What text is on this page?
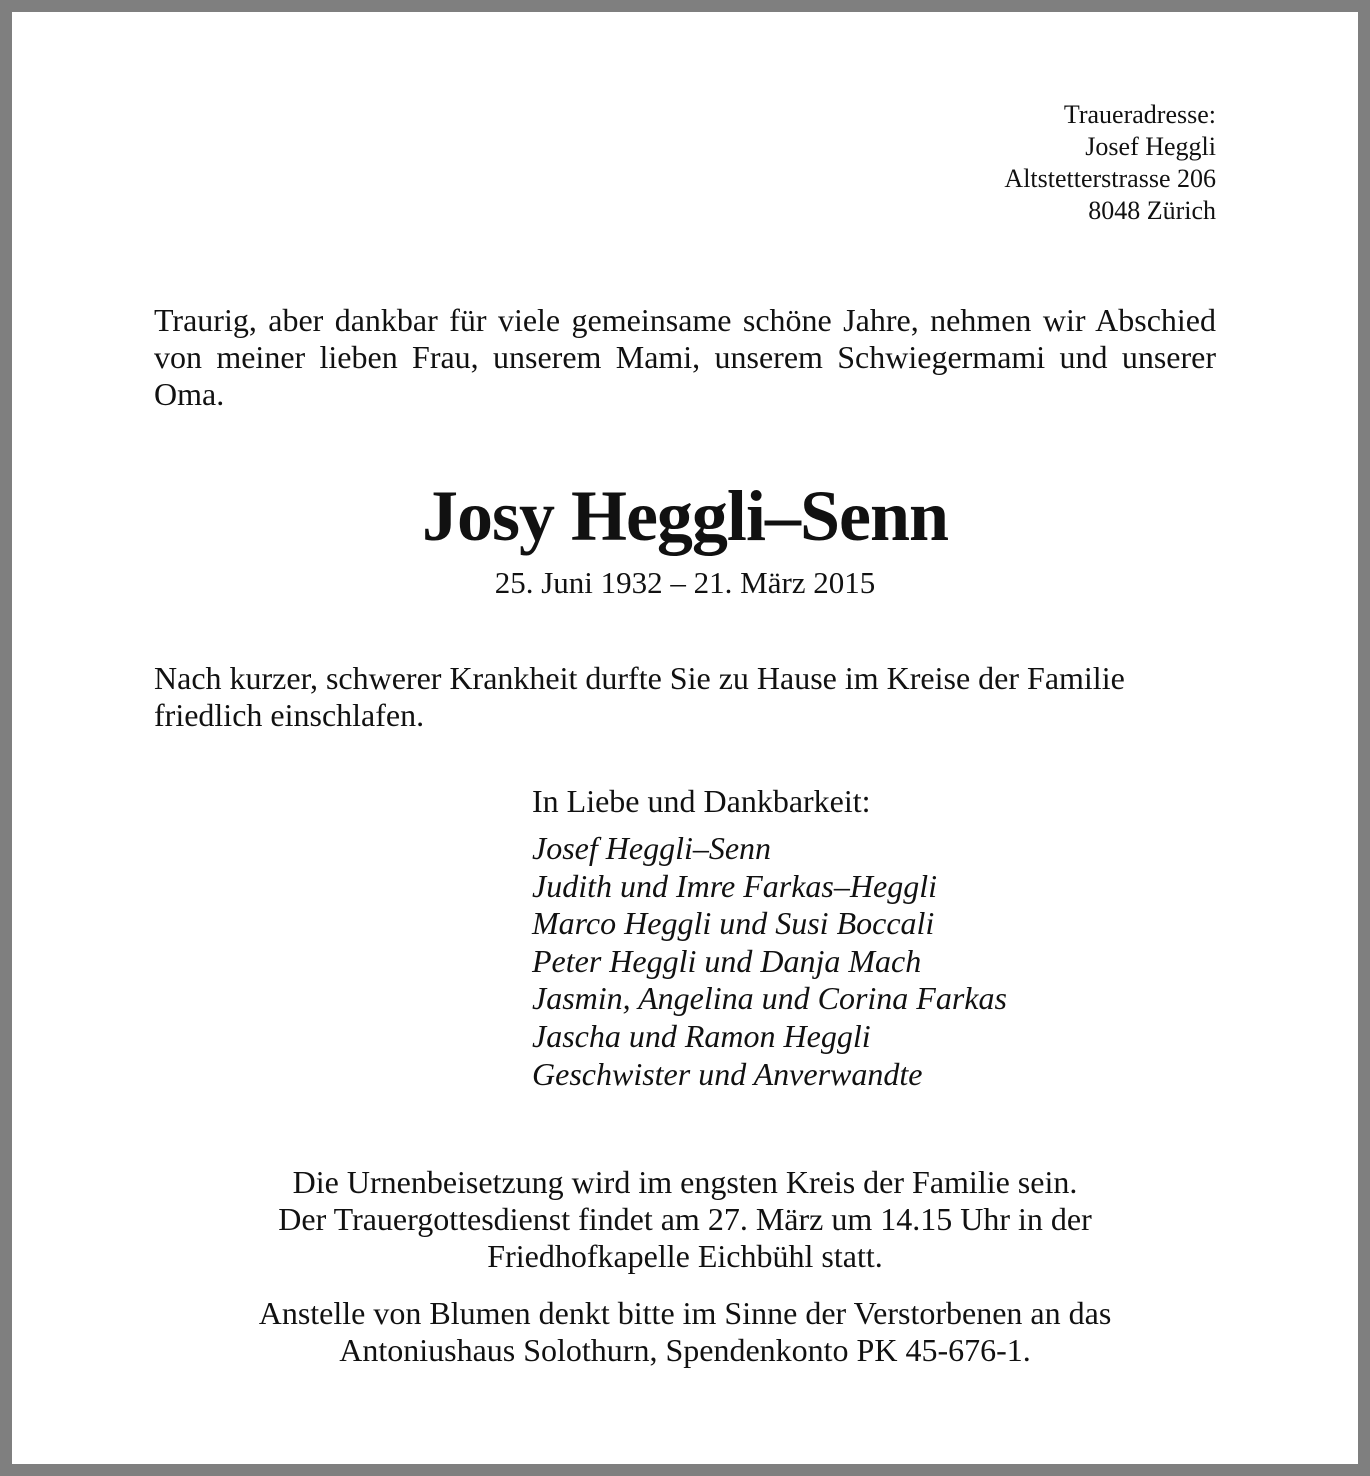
Traueradresse:
Josef Heggli
Altstetterstrasse 206
8048 Zürich
Traurig, aber dankbar für viele gemeinsame schöne Jahre, nehmen wir Abschied von meiner lieben Frau, unserem Mami, unserem Schwiegermami und unserer Oma.
Josy Heggli–Senn
25. Juni 1932 – 21. März 2015
Nach kurzer, schwerer Krankheit durfte Sie zu Hause im Kreise der Familie friedlich einschlafen.
In Liebe und Dankbarkeit:
Josef Heggli–Senn
Judith und Imre Farkas–Heggli
Marco Heggli und Susi Boccali
Peter Heggli und Danja Mach
Jasmin, Angelina und Corina Farkas
Jascha und Ramon Heggli
Geschwister und Anverwandte
Die Urnenbeisetzung wird im engsten Kreis der Familie sein.
Der Trauergottesdienst findet am 27. März um 14.15 Uhr in der
Friedhofkapelle Eichbühl statt.
Anstelle von Blumen denkt bitte im Sinne der Verstorbenen an das
Antoniushaus Solothurn, Spendenkonto PK 45-676-1.
